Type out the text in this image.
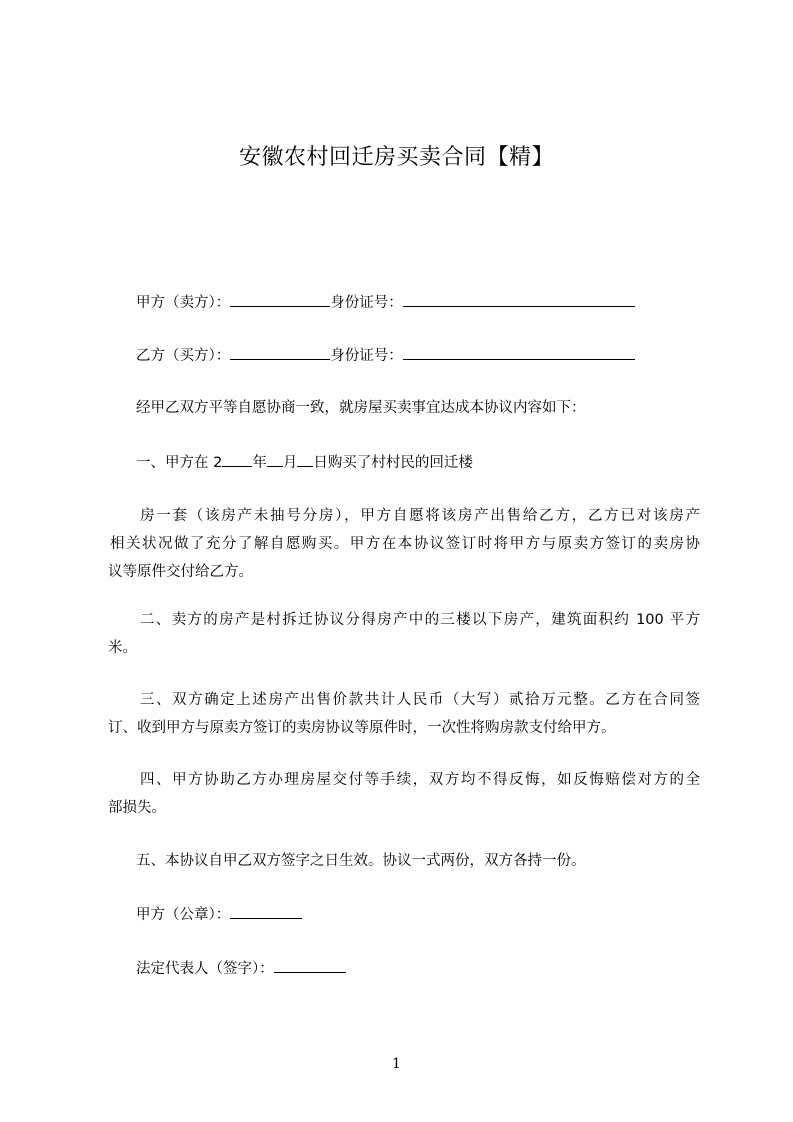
安徽农村回迁房买卖合同【精】
甲方（卖方）：	身份证号：
乙方（买方）：	身份证号：
经甲乙双方平等自愿协商一致，就房屋买卖事宜达成本协议内容如下：
一、甲方在 2 年 月 日购买了村村民的回迁楼
房一套（该房产未抽号分房），甲方自愿将该房产出售给乙方，乙方已对该房产
相关状况做了充分了解自愿购买。甲方在本协议签订时将甲方与原卖方签订的卖房协
议等原件交付给乙方。
二、卖方的房产是村拆迁协议分得房产中的三楼以下房产，建筑面积约 100 平方
米。
三、双方确定上述房产出售价款共计人民币（大写）贰拾万元整。乙方在合同签
订、收到甲方与原卖方签订的卖房协议等原件时，一次性将购房款支付给甲方。
四、甲方协助乙方办理房屋交付等手续，双方均不得反悔，如反悔赔偿对方的全
部损失。
五、本协议自甲乙双方签字之日生效。协议一式两份，双方各持一份。
甲方（公章）：
法定代表人（签字）：
1
